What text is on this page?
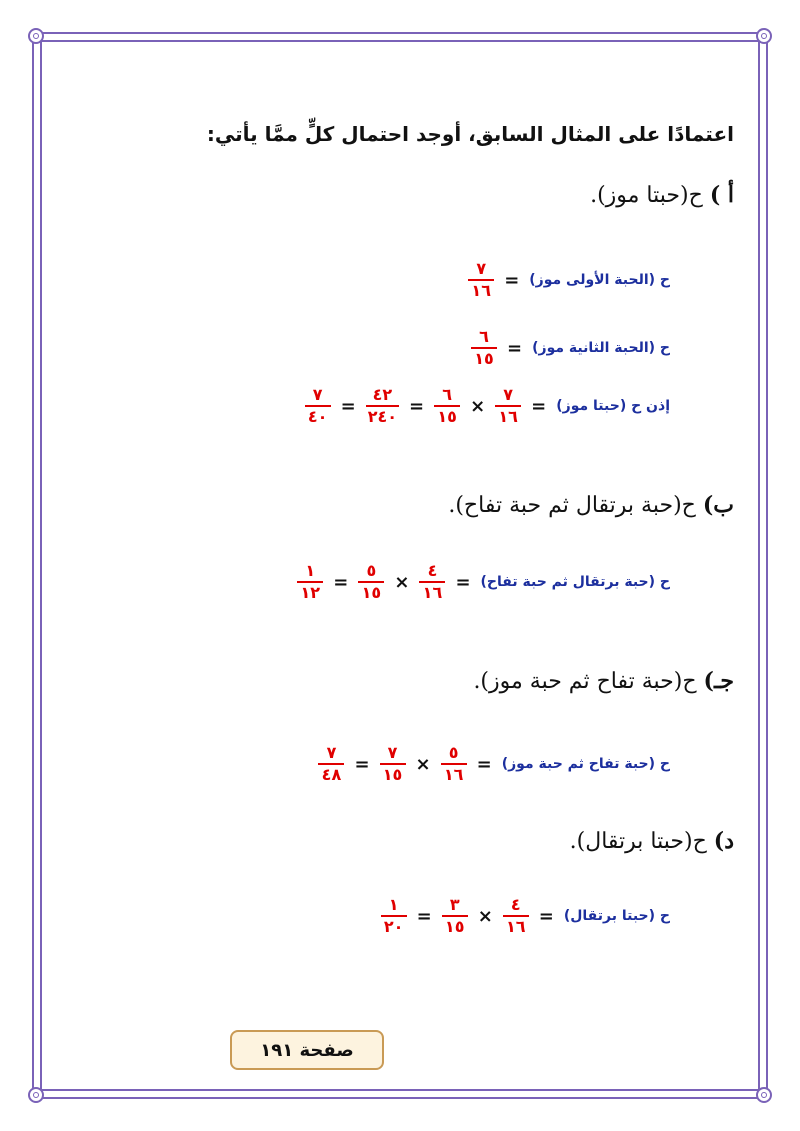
اعتمادًا على المثال السابق، أوجد احتمال كلٍّ ممَّا يأتي:
أ ) ح(حبتا موز).
ح (الحبة الأولى موز)
=
$\frac{٧}{١٦}$
ح (الحبة الثانية موز)
=
$\frac{٦}{١٥}$
إذن ح (حبتا موز)
=
$\frac{٧}{١٦}$
×
$\frac{٦}{١٥}$
=
$\frac{٤٢}{٢٤٠}$
=
$\frac{٧}{٤٠}$
ب) ح(حبة برتقال ثم حبة تفاح).
ح (حبة برتقال ثم حبة تفاح)
=
$\frac{٤}{١٦}$
×
$\frac{٥}{١٥}$
=
$\frac{١}{١٢}$
جـ) ح(حبة تفاح ثم حبة موز).
ح (حبة تفاح ثم حبة موز)
=
$\frac{٥}{١٦}$
×
$\frac{٧}{١٥}$
=
$\frac{٧}{٤٨}$
د) ح(حبتا برتقال).
ح (حبتا برتقال)
=
$\frac{٤}{١٦}$
×
$\frac{٣}{١٥}$
=
$\frac{١}{٢٠}$
صفحة ١٩١
